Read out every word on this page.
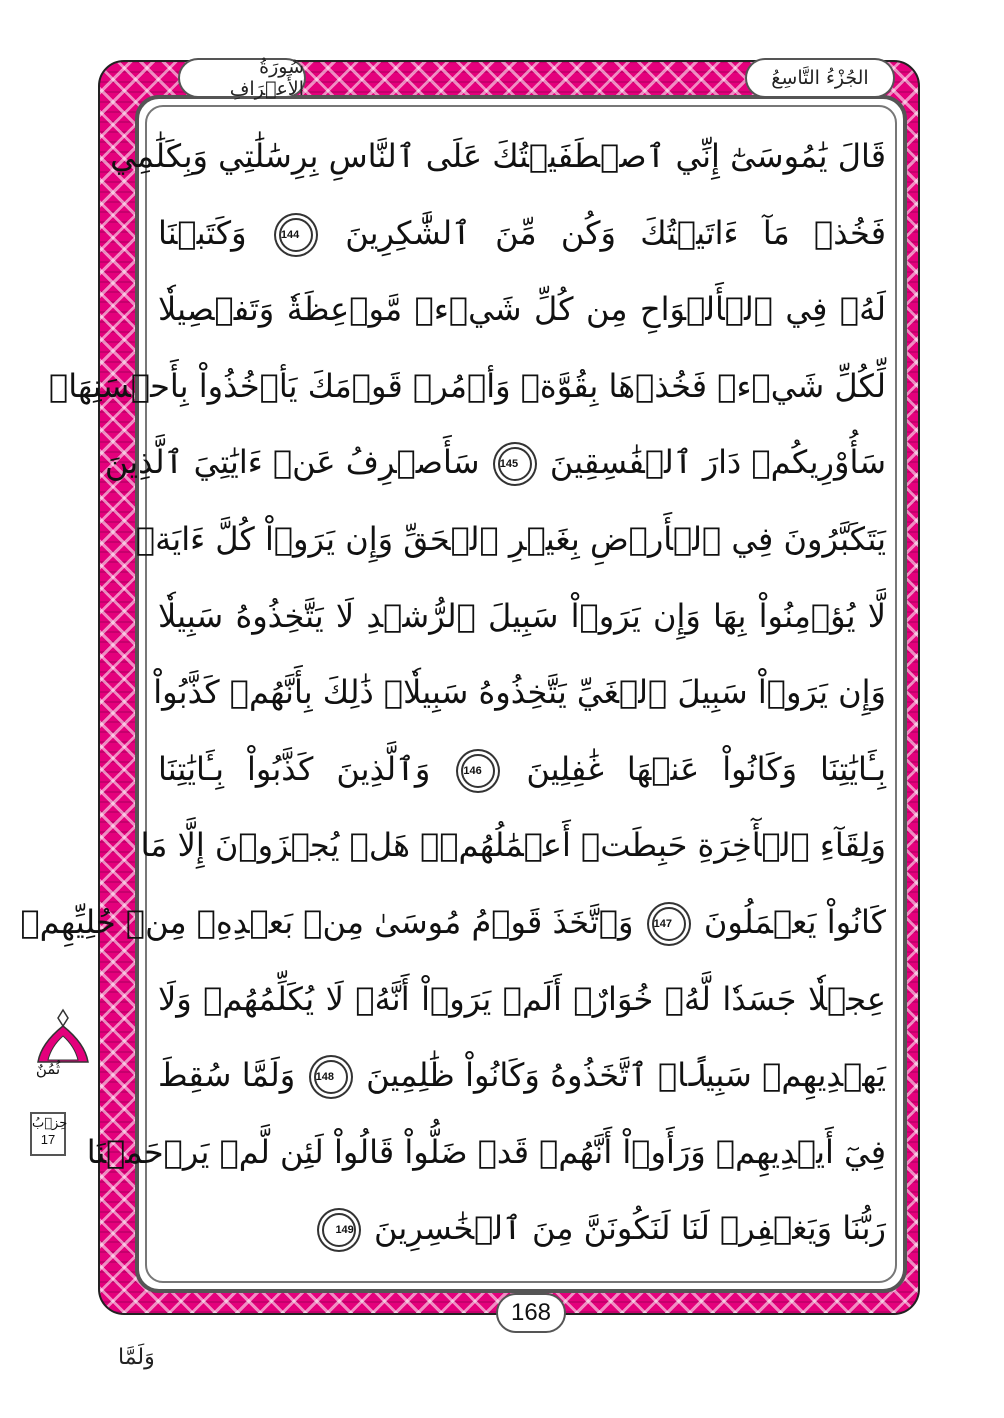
الجُزْءُ التَّاسِعُ
سُورَةُ الأَعۡرَافِ
قَالَ يَٰمُوسَىٰٓ إِنِّي ٱصۡطَفَيۡتُكَ عَلَى ٱلنَّاسِ بِرِسَٰلَٰتِي وَبِكَلَٰمِي
فَخُذۡ مَآ ءَاتَيۡتُكَ وَكُن مِّنَ ٱلشَّٰكِرِينَ 144 وَكَتَبۡنَا
لَهُۥ فِي ٱلۡأَلۡوَاحِ مِن كُلِّ شَيۡءٖ مَّوۡعِظَةٗ وَتَفۡصِيلٗا
لِّكُلِّ شَيۡءٖ فَخُذۡهَا بِقُوَّةٖ وَأۡمُرۡ قَوۡمَكَ يَأۡخُذُواْ بِأَحۡسَنِهَاۚ
سَأُوْرِيكُمۡ دَارَ ٱلۡفَٰسِقِينَ 145 سَأَصۡرِفُ عَنۡ ءَايَٰتِيَ ٱلَّذِينَ
يَتَكَبَّرُونَ فِي ٱلۡأَرۡضِ بِغَيۡرِ ٱلۡحَقِّ وَإِن يَرَوۡاْ كُلَّ ءَايَةٖ
لَّا يُؤۡمِنُواْ بِهَا وَإِن يَرَوۡاْ سَبِيلَ ٱلرُّشۡدِ لَا يَتَّخِذُوهُ سَبِيلٗا
وَإِن يَرَوۡاْ سَبِيلَ ٱلۡغَيِّ يَتَّخِذُوهُ سَبِيلٗاۚ ذَٰلِكَ بِأَنَّهُمۡ كَذَّبُواْ
بِـَٔايَٰتِنَا وَكَانُواْ عَنۡهَا غَٰفِلِينَ 146 وَٱلَّذِينَ كَذَّبُواْ بِـَٔايَٰتِنَا
وَلِقَآءِ ٱلۡأٓخِرَةِ حَبِطَتۡ أَعۡمَٰلُهُمۡۚ هَلۡ يُجۡزَوۡنَ إِلَّا مَا
كَانُواْ يَعۡمَلُونَ 147 وَٱتَّخَذَ قَوۡمُ مُوسَىٰ مِنۢ بَعۡدِهِۦ مِنۡ حُلِيِّهِمۡ
عِجۡلٗا جَسَدٗا لَّهُۥ خُوَارٌۚ أَلَمۡ يَرَوۡاْ أَنَّهُۥ لَا يُكَلِّمُهُمۡ وَلَا
يَهۡدِيهِمۡ سَبِيلًاۘ ٱتَّخَذُوهُ وَكَانُواْ ظَٰلِمِينَ 148 وَلَمَّا سُقِطَ
فِيٓ أَيۡدِيهِمۡ وَرَأَوۡاْ أَنَّهُمۡ قَدۡ ضَلُّواْ قَالُواْ لَئِن لَّمۡ يَرۡحَمۡنَا
رَبُّنَا وَيَغۡفِرۡ لَنَا لَنَكُونَنَّ مِنَ ٱلۡخَٰسِرِينَ 149
168
ثُمُنٌ
حِزۡبُ
17
وَلَمَّا
